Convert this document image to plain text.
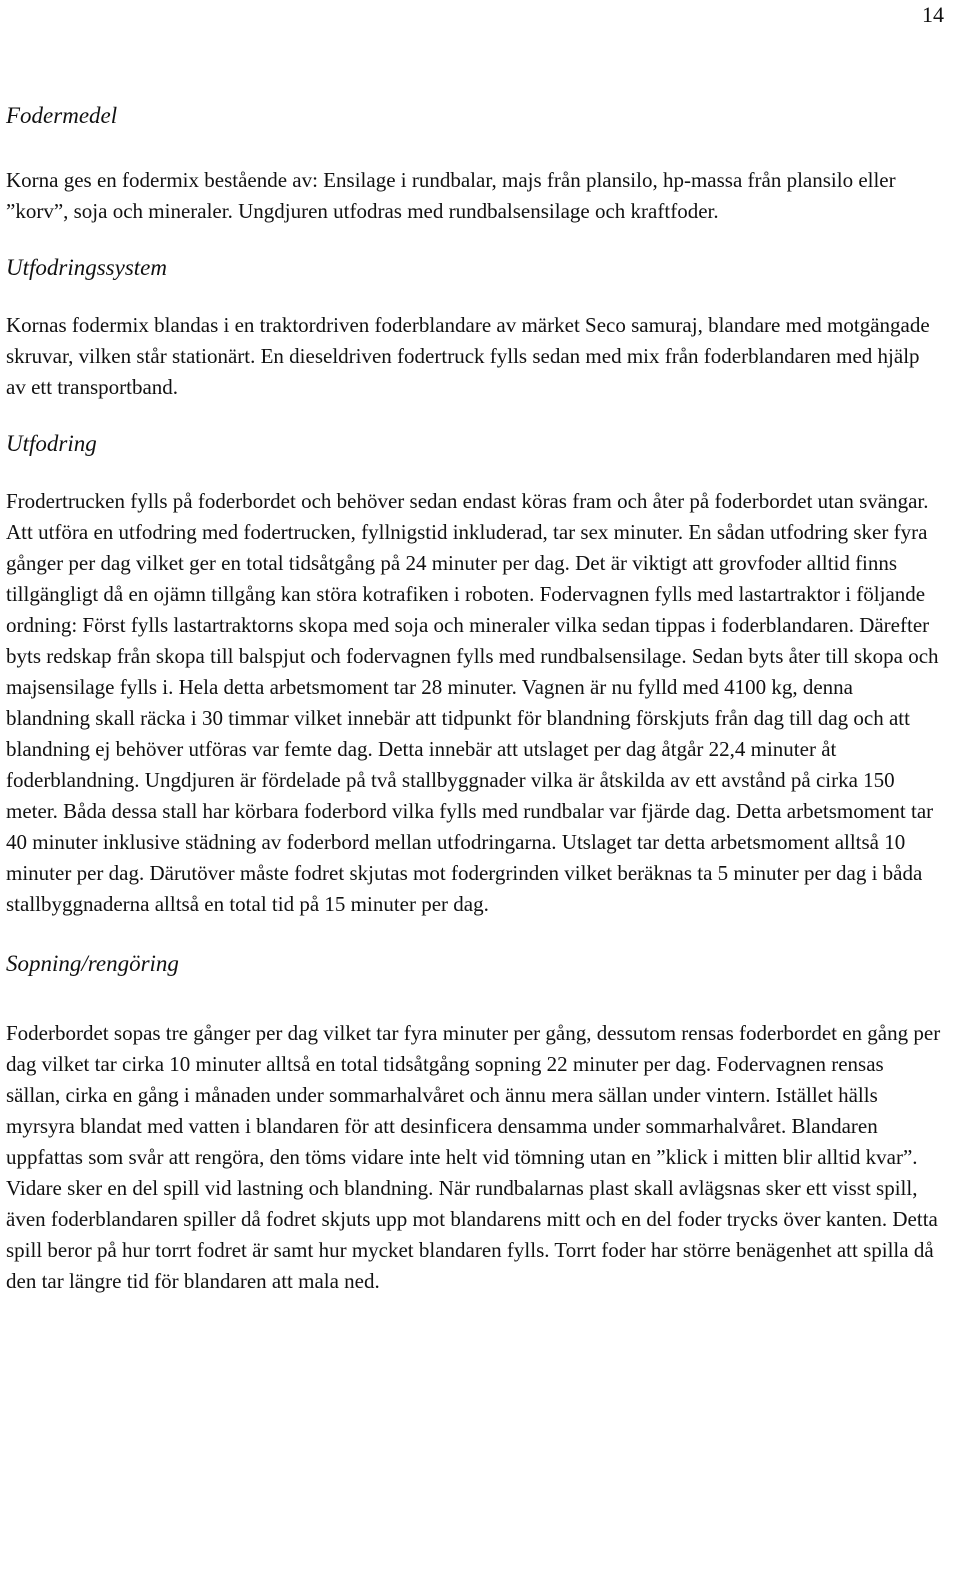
14
Fodermedel

Korna ges en fodermix bestående av: Ensilage i rundbalar, majs från plansilo, hp-massa från plansilo eller ”korv”, soja och mineraler. Ungdjuren utfodras med rundbalsensilage och kraftfoder.

Utfodringssystem

Kornas fodermix blandas i en traktordriven foderblandare av märket Seco samuraj, blandare med motgängade skruvar, vilken står stationärt. En dieseldriven fodertruck fylls sedan med mix från foderblandaren med hjälp av ett transportband.

Utfodring

Frodertrucken fylls på foderbordet och behöver sedan endast köras fram och åter på foderbordet utan svängar. Att utföra en utfodring med fodertrucken, fyllnigstid inkluderad, tar sex minuter. En sådan utfodring sker fyra gånger per dag vilket ger en total tidsåtgång på 24 minuter per dag. Det är viktigt att grovfoder alltid finns tillgängligt då en ojämn tillgång kan störa kotrafiken i roboten. Fodervagnen fylls med lastartraktor i följande ordning: Först fylls lastartraktorns skopa med soja och mineraler vilka sedan tippas i foderblandaren. Därefter byts redskap från skopa till balspjut och fodervagnen fylls med rundbalsensilage. Sedan byts åter till skopa och majsensilage fylls i. Hela detta arbetsmoment tar 28 minuter. Vagnen är nu fylld med 4100 kg, denna blandning skall räcka i 30 timmar vilket innebär att tidpunkt för blandning förskjuts från dag till dag och att blandning ej behöver utföras var femte dag. Detta innebär att utslaget per dag åtgår 22,4 minuter åt foderblandning. Ungdjuren är fördelade på två stallbyggnader vilka är åtskilda av ett avstånd på cirka 150 meter. Båda dessa stall har körbara foderbord vilka fylls med rundbalar var fjärde dag. Detta arbetsmoment tar 40 minuter inklusive städning av foderbord mellan utfodringarna. Utslaget tar detta arbetsmoment alltså 10 minuter per dag. Därutöver måste fodret skjutas mot fodergrinden vilket beräknas ta 5 minuter per dag i båda stallbyggnaderna alltså en total tid på 15 minuter per dag.

Sopning/rengöring

Foderbordet sopas tre gånger per dag vilket tar fyra minuter per gång, dessutom rensas foderbordet en gång per dag vilket tar cirka 10 minuter alltså en total tidsåtgång sopning 22 minuter per dag. Fodervagnen rensas sällan, cirka en gång i månaden under sommarhalvåret och ännu mera sällan under vintern. Istället hälls myrsyra blandat med vatten i blandaren för att desinficera densamma under sommarhalvåret. Blandaren uppfattas som svår att rengöra, den töms vidare inte helt vid tömning utan en ”klick i mitten blir alltid kvar”. Vidare sker en del spill vid lastning och blandning. När rundbalarnas plast skall avlägsnas sker ett visst spill, även foderblandaren spiller då fodret skjuts upp mot blandarens mitt och en del foder trycks över kanten. Detta spill beror på hur torrt fodret är samt hur mycket blandaren fylls. Torrt foder har större benägenhet att spilla då den tar längre tid för blandaren att mala ned.
